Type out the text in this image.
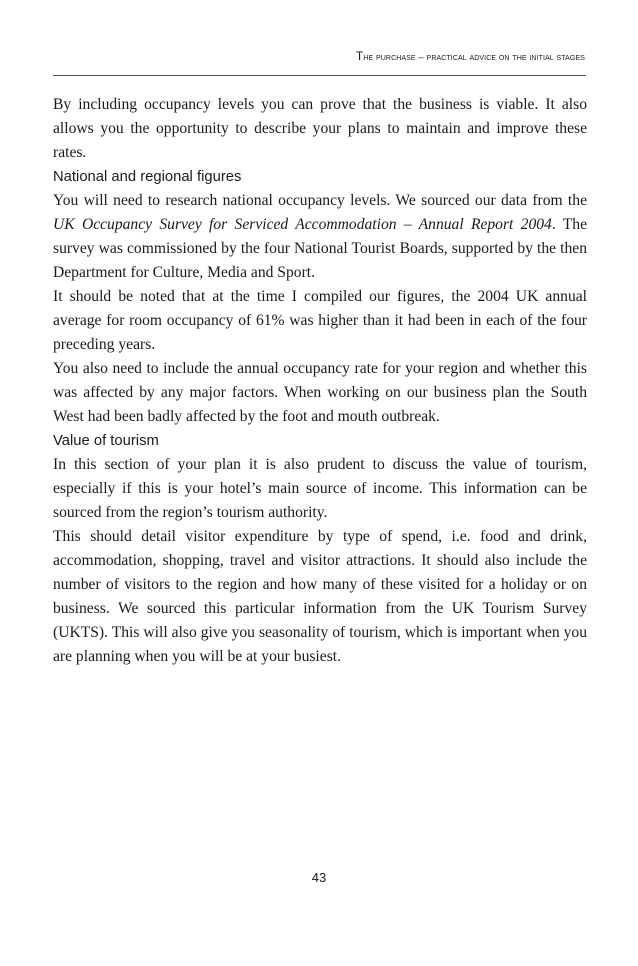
The purchase – practical advice on the initial stages

By including occupancy levels you can prove that the business is viable. It also allows you the opportunity to describe your plans to maintain and improve these rates.

National and regional figures

You will need to research national occupancy levels. We sourced our data from the UK Occupancy Survey for Serviced Accommodation – Annual Report 2004. The survey was commissioned by the four National Tourist Boards, supported by the then Department for Culture, Media and Sport.

It should be noted that at the time I compiled our figures, the 2004 UK annual average for room occupancy of 61% was higher than it had been in each of the four preceding years.

You also need to include the annual occupancy rate for your region and whether this was affected by any major factors. When working on our business plan the South West had been badly affected by the foot and mouth outbreak.

Value of tourism

In this section of your plan it is also prudent to discuss the value of tourism, especially if this is your hotel’s main source of income. This information can be sourced from the region’s tourism authority.

This should detail visitor expenditure by type of spend, i.e. food and drink, accommodation, shopping, travel and visitor attractions. It should also include the number of visitors to the region and how many of these visited for a holiday or on business. We sourced this particular information from the UK Tourism Survey (UKTS). This will also give you seasonality of tourism, which is important when you are planning when you will be at your busiest.

43
